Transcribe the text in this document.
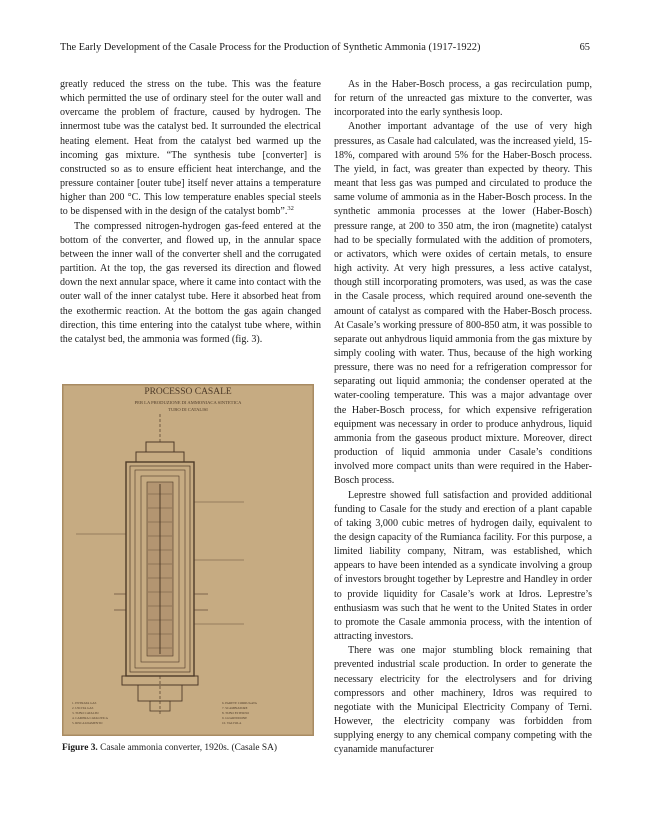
The Early Development of the Casale Process for the Production of Synthetic Ammonia (1917-1922)	65

greatly reduced the stress on the tube. This was the feature which permitted the use of ordinary steel for the outer wall and overcame the problem of fracture, caused by hydrogen. The innermost tube was the catalyst bed. It surrounded the electrical heating element. Heat from the catalyst bed warmed up the incoming gas mixture. “The synthesis tube [converter] is constructed so as to ensure efficient heat interchange, and the pressure container [outer tube] itself never attains a temperature higher than 200 °C. This low temperature enables special steels to be dispensed with in the design of the catalyst bomb”.$^{32}$

The compressed nitrogen-hydrogen gas-feed entered at the bottom of the converter, and flowed up, in the annular space between the inner wall of the converter shell and the corrugated partition. At the top, the gas reversed its direction and flowed down the next annular space, where it came into contact with the outer wall of the inner catalyst tube. Here it absorbed heat from the exothermic reaction. At the bottom the gas again changed direction, this time entering into the catalyst tube where, within the catalyst bed, the ammonia was formed (fig. 3).

PROCESSO CASALE
PER LA PRODUZIONE DI AMMONIACA SINTETICA
TUBO DI CATALISI
1. ENTRATA GAS
2. USCITA GAS
3. TUBO CATALISI
4. CAMERA CATALITICA
5. RISCALDAMENTO
6. PARETE CORRUGATA
7. SCAMBIATORE
8. TUBO ESTERNO
9. GUARNIZIONE
10. VALVOLA
Figure 3. Casale ammonia converter, 1920s. (Casale SA)

As in the Haber-Bosch process, a gas recirculation pump, for return of the unreacted gas mixture to the converter, was incorporated into the early synthesis loop.

Another important advantage of the use of very high pressures, as Casale had calculated, was the increased yield, 15-18%, compared with around 5% for the Haber-Bosch process. The yield, in fact, was greater than expected by theory. This meant that less gas was pumped and circulated to produce the same volume of ammonia as in the Haber-Bosch process. In the synthetic ammonia processes at the lower (Haber-Bosch) pressure range, at 200 to 350 atm, the iron (magnetite) catalyst had to be specially formulated with the addition of promoters, or activators, which were oxides of certain metals, to ensure high activity. At very high pressures, a less active catalyst, though still incorporating promoters, was used, as was the case in the Casale process, which required around one-seventh the amount of catalyst as compared with the Haber-Bosch process. At Casale’s working pressure of 800-850 atm, it was possible to separate out anhydrous liquid ammonia from the gas mixture by simply cooling with water. Thus, because of the high working pressure, there was no need for a refrigeration compressor for separating out liquid ammonia; the condenser operated at the water-cooling temperature. This was a major advantage over the Haber-Bosch process, for which expensive refrigeration equipment was necessary in order to produce anhydrous, liquid ammonia from the gaseous product mixture. Moreover, direct production of liquid ammonia under Casale’s conditions involved more compact units than were required in the Haber-Bosch process.

Leprestre showed full satisfaction and provided additional funding to Casale for the study and erection of a plant capable of taking 3,000 cubic metres of hydrogen daily, equivalent to the design capacity of the Rumianca facility. For this purpose, a limited liability company, Nitram, was established, which appears to have been intended as a syndicate involving a group of investors brought together by Leprestre and Handley in order to provide liquidity for Casale’s work at Idros. Leprestre’s enthusiasm was such that he went to the United States in order to promote the Casale ammonia process, with the intention of attracting investors.

There was one major stumbling block remaining that prevented industrial scale production. In order to generate the necessary electricity for the electrolysers and for driving compressors and other machinery, Idros was required to negotiate with the Municipal Electricity Company of Terni. However, the electricity company was forbidden from supplying energy to any chemical company competing with the cyanamide manufacturer
